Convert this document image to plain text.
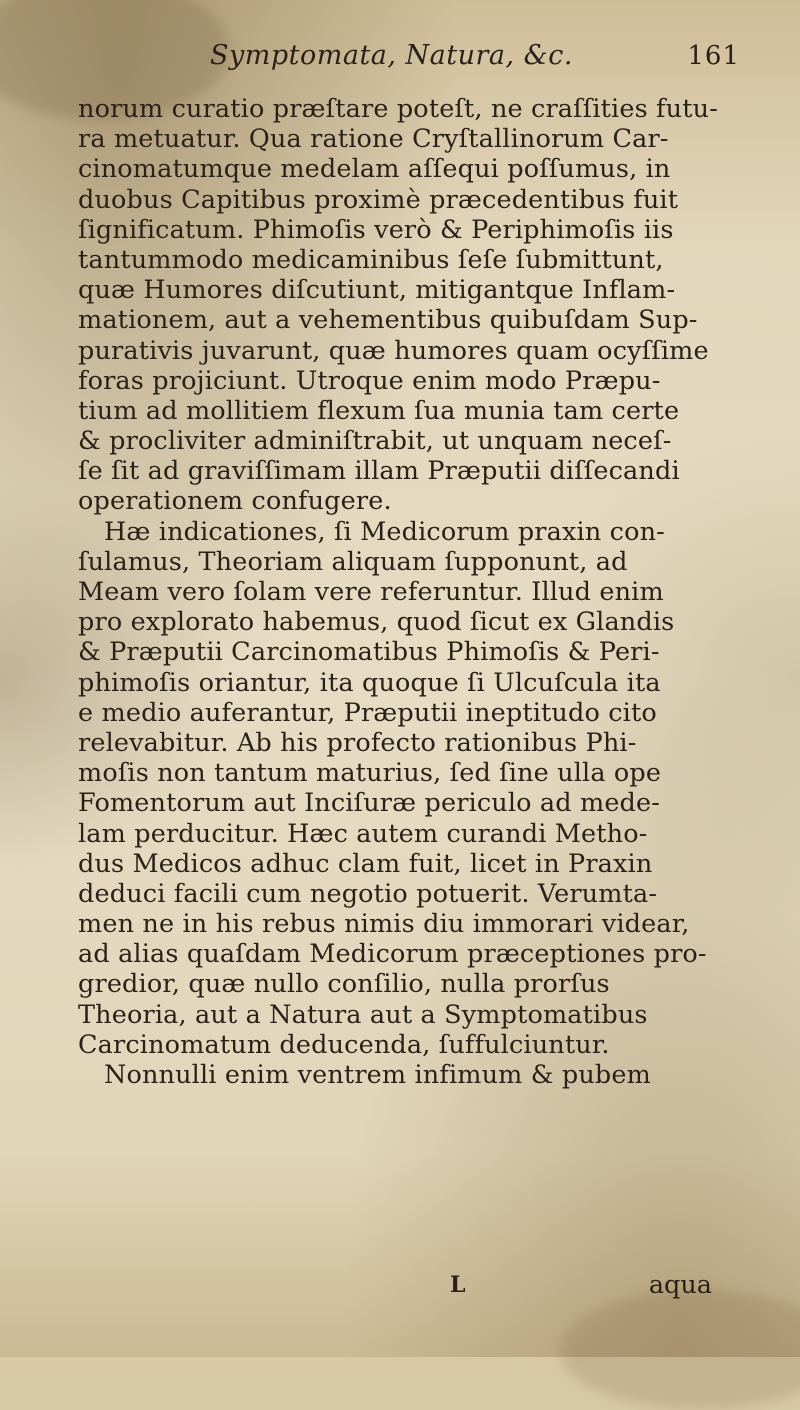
Symptomata, Natura, &c.	161
norum curatio præſtare poteſt, ne craſſities futu-
ra metuatur. Qua ratione Cryſtallinorum Car-
cinomatumque medelam aſſequi poſſumus, in
duobus Capitibus proximè præcedentibus fuit
ſignificatum. Phimoſis verò & Periphimoſis iis
tantummodo medicaminibus ſeſe ſubmittunt,
quæ Humores diſcutiunt, mitigantque Inflam-
mationem, aut a vehementibus quibuſdam Sup-
purativis juvarunt, quæ humores quam ocyſſime
foras projiciunt. Utroque enim modo Præpu-
tium ad mollitiem flexum ſua munia tam certe
& procliviter adminiſtrabit, ut unquam neceſ-
ſe ſit ad graviſſimam illam Præputii diſſecandi
operationem confugere.
Hæ indicationes, ſi Medicorum praxin con-
ſulamus, Theoriam aliquam ſupponunt, ad
Meam vero ſolam vere referuntur. Illud enim
pro explorato habemus, quod ſicut ex Glandis
& Præputii Carcinomatibus Phimoſis & Peri-
phimoſis oriantur, ita quoque ſi Ulcuſcula ita
e medio auferantur, Præputii ineptitudo cito
relevabitur. Ab his profecto rationibus Phi-
moſis non tantum maturius, ſed ſine ulla ope
Fomentorum aut Inciſuræ periculo ad mede-
lam perducitur. Hæc autem curandi Metho-
dus Medicos adhuc clam fuit, licet in Praxin
deduci facili cum negotio potuerit. Verumta-
men ne in his rebus nimis diu immorari videar,
ad alias quaſdam Medicorum præceptiones pro-
gredior, quæ nullo conſilio, nulla prorſus
Theoria, aut a Natura aut a Symptomatibus
Carcinomatum deducenda, ſuffulciuntur.
Nonnulli enim ventrem infimum & pubem
L	aqua
